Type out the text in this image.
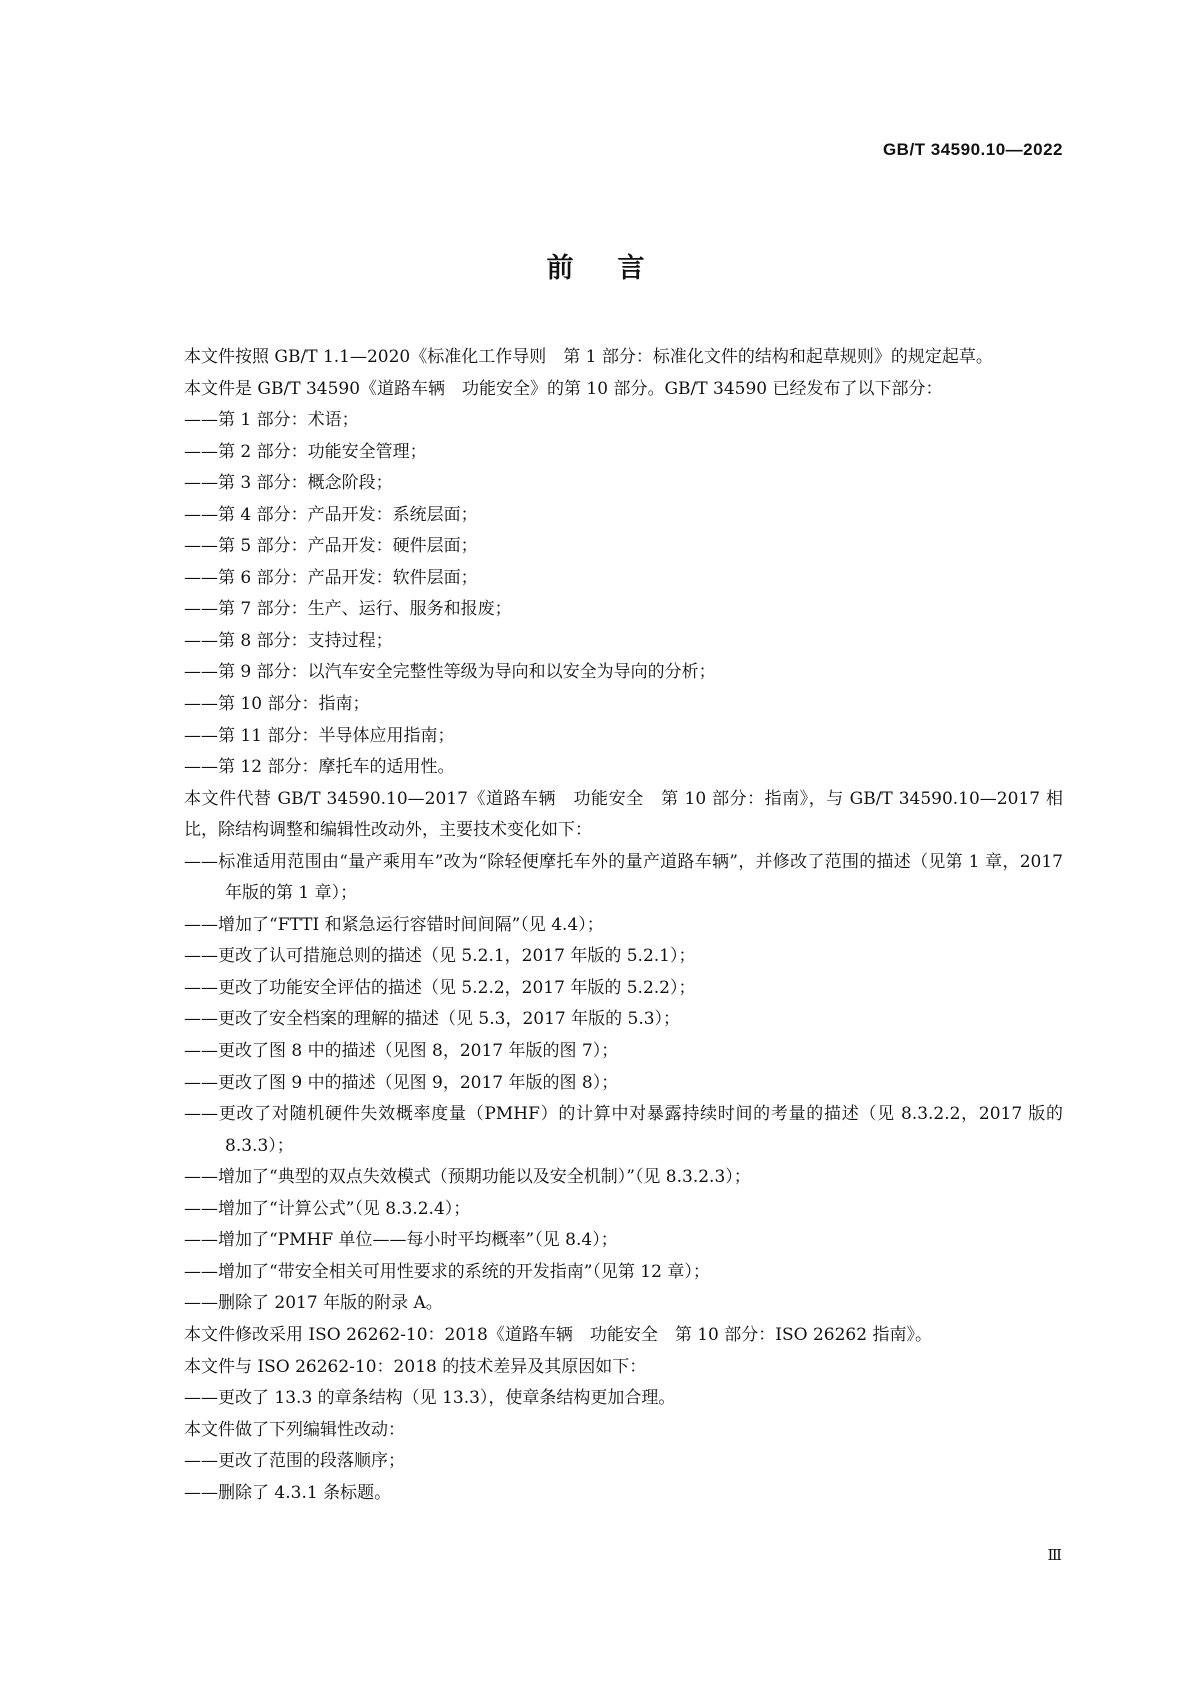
GB/T 34590.10—2022
前言

本文件按照 GB/T 1.1—2020《标准化工作导则　第 1 部分：标准化文件的结构和起草规则》的规定起草。

本文件是 GB/T 34590《道路车辆　功能安全》的第 10 部分。GB/T 34590 已经发布了以下部分：

——第 1 部分：术语；

——第 2 部分：功能安全管理；

——第 3 部分：概念阶段；

——第 4 部分：产品开发：系统层面；

——第 5 部分：产品开发：硬件层面；

——第 6 部分：产品开发：软件层面；

——第 7 部分：生产、运行、服务和报废；

——第 8 部分：支持过程；

——第 9 部分：以汽车安全完整性等级为导向和以安全为导向的分析；

——第 10 部分：指南；

——第 11 部分：半导体应用指南；

——第 12 部分：摩托车的适用性。

本文件代替 GB/T 34590.10—2017《道路车辆　功能安全　第 10 部分：指南》，与 GB/T 34590.10—2017 相比，除结构调整和编辑性改动外，主要技术变化如下：

——标准适用范围由“量产乘用车”改为“除轻便摩托车外的量产道路车辆”，并修改了范围的描述（见第 1 章，2017 年版的第 1 章）；

——增加了“FTTI 和紧急运行容错时间间隔”（见 4.4）；

——更改了认可措施总则的描述（见 5.2.1，2017 年版的 5.2.1）；

——更改了功能安全评估的描述（见 5.2.2，2017 年版的 5.2.2）；

——更改了安全档案的理解的描述（见 5.3，2017 年版的 5.3）；

——更改了图 8 中的描述（见图 8，2017 年版的图 7）；

——更改了图 9 中的描述（见图 9，2017 年版的图 8）；

——更改了对随机硬件失效概率度量（PMHF）的计算中对暴露持续时间的考量的描述（见 8.3.2.2，2017 版的 8.3.3）；

——增加了“典型的双点失效模式（预期功能以及安全机制）”（见 8.3.2.3）；

——增加了“计算公式”（见 8.3.2.4）；

——增加了“PMHF 单位——每小时平均概率”（见 8.4）；

——增加了“带安全相关可用性要求的系统的开发指南”（见第 12 章）；

——删除了 2017 年版的附录 A。

本文件修改采用 ISO 26262-10：2018《道路车辆　功能安全　第 10 部分：ISO 26262 指南》。

本文件与 ISO 26262-10：2018 的技术差异及其原因如下：

——更改了 13.3 的章条结构（见 13.3），使章条结构更加合理。

本文件做了下列编辑性改动：

——更改了范围的段落顺序；

——删除了 4.3.1 条标题。

Ⅲ
